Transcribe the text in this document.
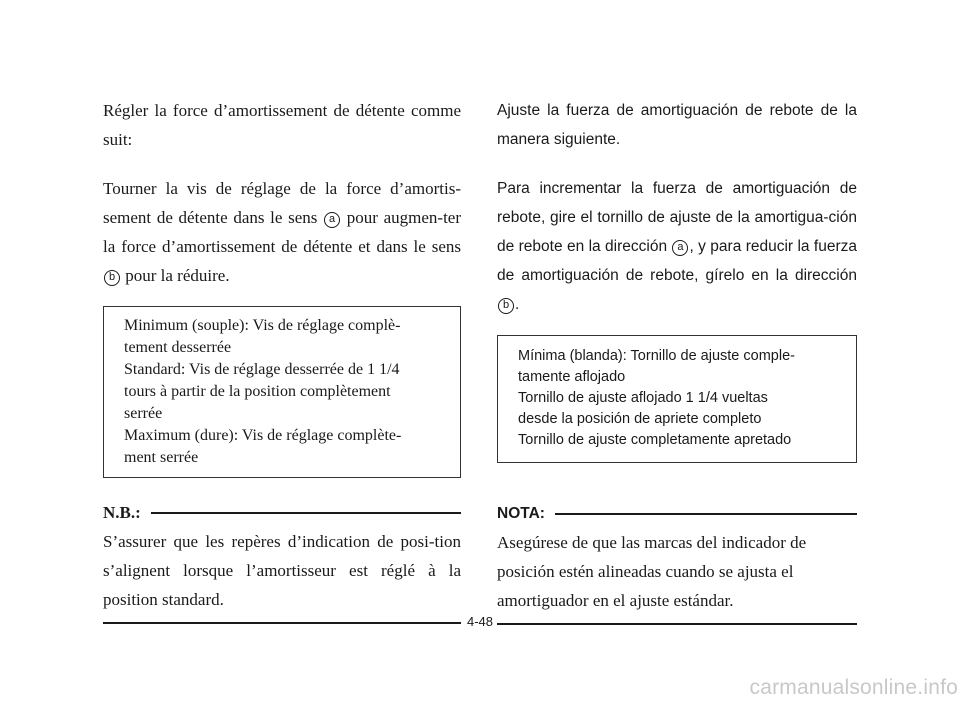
Régler la force d’amortissement de détente comme suit:

Tourner la vis de réglage de la force d’amortis-sement de détente dans le sens a pour augmen-ter la force d’amortissement de détente et dans le sens b pour la réduire.

Minimum (souple): Vis de réglage complè-
tement desserrée
Standard: Vis de réglage desserrée de 1 1/4
tours à partir de la position complètement
serrée
Maximum (dure): Vis de réglage complète-
ment serrée
N.B.:

S’assurer que les repères d’indication de posi-tion s’alignent lorsque l’amortisseur est réglé à la position standard.

Ajuste la fuerza de amortiguación de rebote de la manera siguiente.

Para incrementar la fuerza de amortiguación de rebote, gire el tornillo de ajuste de la amortigua-ción de rebote en la dirección a , y para reducir la fuerza de amortiguación de rebote, gírelo en la dirección b .

Mínima (blanda): Tornillo de ajuste comple-
tamente aflojado
Tornillo de ajuste aflojado 1 1/4 vueltas
desde la posición de apriete completo
Tornillo de ajuste completamente apretado
NOTA:

Asegúrese de que las marcas del indicador de posición estén alineadas cuando se ajusta el amortiguador en el ajuste estándar.

4-48
carmanualsonline.info
